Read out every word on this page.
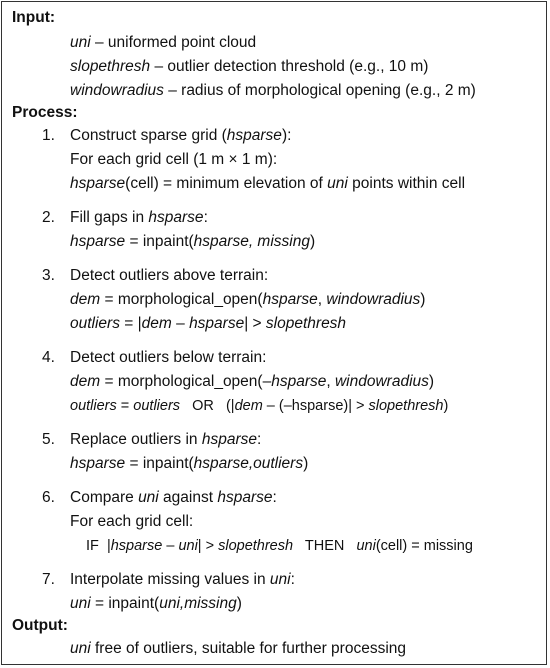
Input:
uni – uniformed point cloud
slopethresh – outlier detection threshold (e.g., 10 m)
windowradius – radius of morphological opening (e.g., 2 m)
Process:
1. Construct sparse grid (hsparse):
For each grid cell (1 m × 1 m):
hsparse(cell) = minimum elevation of uni points within cell
2. Fill gaps in hsparse:
hsparse = inpaint(hsparse, missing)
3. Detect outliers above terrain:
dem = morphological_open(hsparse, windowradius)
outliers = |dem – hsparse| > slopethresh
4. Detect outliers below terrain:
dem = morphological_open(–hsparse, windowradius)
outliers = outliers   OR   (|dem – (–hsparse)| > slopethresh)
5. Replace outliers in hsparse:
hsparse = inpaint(hsparse,outliers)
6. Compare uni against hsparse:
For each grid cell:
IF  |hsparse – uni| > slopethresh   THEN   uni(cell) = missing
7. Interpolate missing values in uni:
uni = inpaint(uni,missing)
Output:
uni free of outliers, suitable for further processing
